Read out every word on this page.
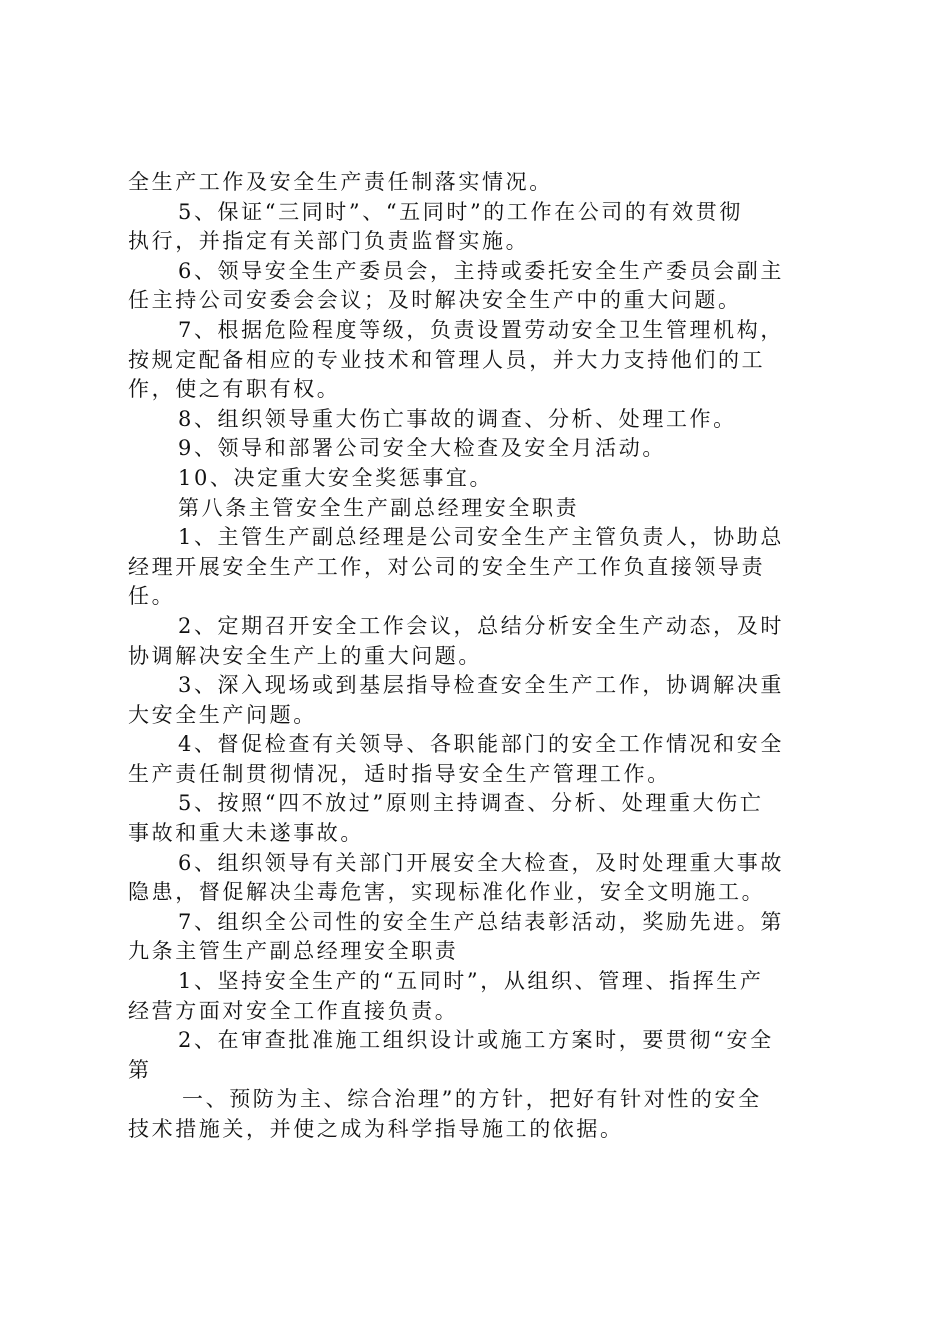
全生产工作及安全生产责任制落实情况。
5、保证“三同时”、“五同时”的工作在公司的有效贯彻
执行，并指定有关部门负责监督实施。
6、领导安全生产委员会，主持或委托安全生产委员会副主
任主持公司安委会会议；及时解决安全生产中的重大问题。
7、根据危险程度等级，负责设置劳动安全卫生管理机构，
按规定配备相应的专业技术和管理人员，并大力支持他们的工
作，使之有职有权。
8、组织领导重大伤亡事故的调查、分析、处理工作。
9、领导和部署公司安全大检查及安全月活动。
10、决定重大安全奖惩事宜。
第八条主管安全生产副总经理安全职责
1、主管生产副总经理是公司安全生产主管负责人，协助总
经理开展安全生产工作，对公司的安全生产工作负直接领导责
任。
2、定期召开安全工作会议，总结分析安全生产动态，及时
协调解决安全生产上的重大问题。
3、深入现场或到基层指导检查安全生产工作，协调解决重
大安全生产问题。
4、督促检查有关领导、各职能部门的安全工作情况和安全
生产责任制贯彻情况，适时指导安全生产管理工作。
5、按照“四不放过”原则主持调查、分析、处理重大伤亡
事故和重大未遂事故。
6、组织领导有关部门开展安全大检查，及时处理重大事故
隐患，督促解决尘毒危害，实现标准化作业，安全文明施工。
7、组织全公司性的安全生产总结表彰活动，奖励先进。第
九条主管生产副总经理安全职责
1、坚持安全生产的“五同时”，从组织、管理、指挥生产
经营方面对安全工作直接负责。
2、在审查批准施工组织设计或施工方案时，要贯彻“安全
第
一、预防为主、综合治理”的方针，把好有针对性的安全
技术措施关，并使之成为科学指导施工的依据。
